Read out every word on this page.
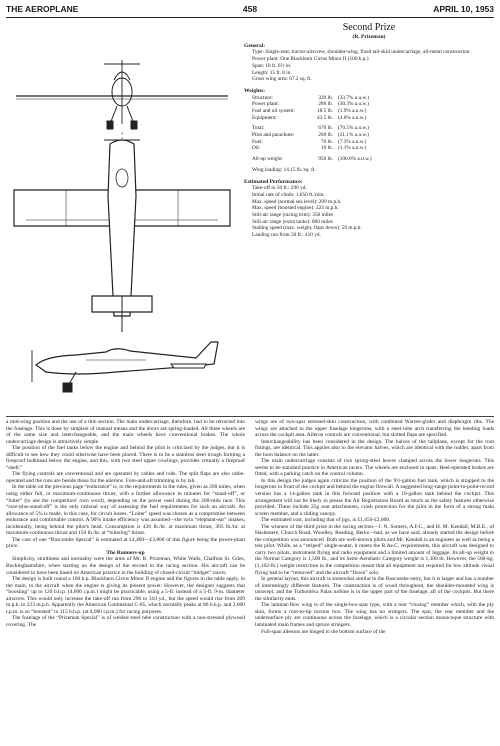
THE AEROPLANE	458	APRIL 10, 1953
Second Prize
(R. Prizeman)
General:
Type: Single-seat, tractor-airscrew, shoulder-wing, fixed tail-skid undercarriage, all-metal construction.
Power plant: One Blackburn Cirrus Minor II (100 h.p.)
Span: 18 ft. 6½ in.
Length: 15 ft. 8 in.
Gross wing area: 67.2 sq. ft.
Weights:
Structure:	320 lb. (33.7% a.u.w.)
Power plant:	288 lb. (30.3% a.u.w.)
Fuel and oil system:	18.5 lb. (1.9% a.u.w.)
Equipment:	43.5 lb. (4.6% a.u.w.)
Total:	670 lb. (70.5% a.u.w.)
Pilot and parachute:	200 lb. (21.1% a.u.w.)
Fuel:	70 lb. (7.3% a.u.w.)
Oil:	10 lb. (1.1% a.u.w.)
All-up weight:	950 lb. (100.0% a.u.w.)
Wing loading: 14.15 lb./sq. ft.
Estimated Performance:
Take-off to 50 ft.: 290 yd.
Initial rate of climb: 1,650 ft./min.
Max. speed (normal sea level): 209 m.p.h.
Max. speed (boosted engine): 223 m.p.h.
Still-air range (racing trim): 350 miles
Still-air range (extra tanks): 800 miles
Stalling speed (max. weight, flaps down): 59 m.p.h.
Landing run from 50 ft.: 410 yd.

a mid-wing position and the use of a thin section. The main undercarriage, therefore, had to be retracted into the fuselage. This is done by simplest of manual means and the doors are spring-loaded. All three wheels are of the same size and interchangeable, and the main wheels have conventional brakes. The whole undercarriage design is attractively simple.

The position of the fuel tanks below the engine and behind the pilot is criticized by the judges, but it is difficult to see how they could otherwise have been placed. There is to be a stainless steel trough forming a fireproof bulkhead below the engine, and this, with two steel upper cowlings, provides virtually a fireproof “shell.”

The flying controls are conventional and are operated by cables and rods. The split flaps are also cable-operated and the runs are beside those for the ailerons. Fore-and-aft trimming is by tab.

In the table on the previous page “endurance” is, to the requirements in the rules, given as 200 miles, when using either full, or maximum-continuous thrust, with a further allowance in minutes for “stand-off”, or “loiter” (to use the competitors' own word), depending on the power used during the 200-mile race. This “race-plus-stand-off” is the only rational way of assessing the fuel requirements for such an aircraft. An allowance of 5% is made, in this case, for circuit losses. “Loiter” speed was chosen as a compromise between endurance and comfortable control. A 90% intake efficiency was assumed—the twin “elephant-ear” intakes, incidentally, being behind the pilot's head. Consumption is 430 lb./hr. at maximum thrust, 305 lb./hr. at maximum-continuous thrust and 150 lb./hr. at “loitering” thrust.

The cost of one “Boscombe Special” is estimated at £4,460—£3,800 of this figure being the power-plant price.

The Runners-up

Simplicity, sturdiness and normality were the aims of Mr. R. Prizeman, White Walls, Chalfont St. Giles, Buckinghamshire, when starting on the design of the second in the racing section. His aircraft can be considered to have been based on American practice in the building of closed-circuit “midget” racers.

The design is built round a 100 b.p. Blackburn Cirrus Minor II engine and the figures in the table apply, in the main, to the aircraft when the engine is giving its present power. However, the designer suggests that “boosting” up to 120 b.h.p. (4,000 r.p.m.) might be practicable, using a 5-ft. instead of a 5-ft. 9-in. diameter airscrew. This would only increase the take-off run from 290 to 310 yd., but the speed would rise from 209 m.p.h. to 223 m.p.h. Apparently the American Continental C-85, which normally peaks at 86 b.h.p. and 2,600 r.p.m. is so “boosted” to 115 b.h.p. (at 4,000 r.p.m.) for racing purposes.

The fuselage of the “Prizeman Special” is of welded steel tube construction with a non-stressed plywood covering. The

wings are of two-spar stressed-skin construction, with combined Warren-girder and diaphragm ribs. The wings are attached to the upper fuselage longerons, with a steel-tube arch transferring the bending loads across the cockpit area. Aileron controls are conventional, but slotted flaps are specified.

Interchangeability has been considered in the design. The halves of the tailplane, except for the root fittings, are identical. This applies also to the elevator halves, which are identical with the rudder, apart from the horn balance on the latter.

The main undercarriage consists of two spring-steel leaves clamped across the lower longerons. This seems to be standard practice in American racers. The wheels are enclosed in spats. Heel-operated brakes are fitted, with a parking catch on the control column.

In this design the judges again criticize the position of the 9½-gallon fuel tank, which is strapped to the longerons in front of the cockpit and behind the engine firewall. A suggested long-range point-to-point-record version has a 14-gallon tank in this forward position with a 10-gallon tank behind the cockpit. This arrangement will not be likely to please the Air Registration Board as much as the safety features otherwise provided. These include 25g seat attachments, crash protection for the pilot in the form of a strong main screen member, and a sliding canopy.

The estimated cost, including that of jigs, is £1,450-£2,000.

The winners of the third prize in the racing section—J. N. Somers, A.F.C., and H. M. Kendall, M.B.E., of Haslemere, Church Road, Woodley, Reading, Berks—had, as we have said, already started the design before the competition was announced. Both are well-known pilots and Mr. Kendall is an engineer as well as being a test pilot. While, as a “striped” single-seater, it meets the R.Ae.C. requirements, this aircraft was designed to carry two pilots, instrument flying and radio equipment and a limited amount of luggage. Its all-up weight in the Normal Category is 1,500 lb., and its Semi-Aerobatic Category weight is 1,300 lb. However, the 500-kg. (1,102-lb.) weight restriction in the competition meant that all equipment not required for low altitude visual flying had to be “removed” and the aircraft “flown” solo.

In general layout, this aircraft is somewhat similar to the Boscombe entry, but it is larger and has a number of interestingly different features. The construction is of wood throughout, the shoulder-mounted wing is unswept, and the Turboméca Palas turbine is in the upper part of the fuselage, aft of the cockpits. But there the similarity ends.

The laminar-flow wing is of the single-box-spar type, with a rear “closing” member which, with the ply skin, forms a root-to-tip torsion box. The wing has no stringers. The spar, the rear member and the undersurface ply are continuous across the fuselage, which is a circular section monocoque structure with laminated main frames and spruce stringers.

Full-span ailerons are hinged to the bottom surface of the
